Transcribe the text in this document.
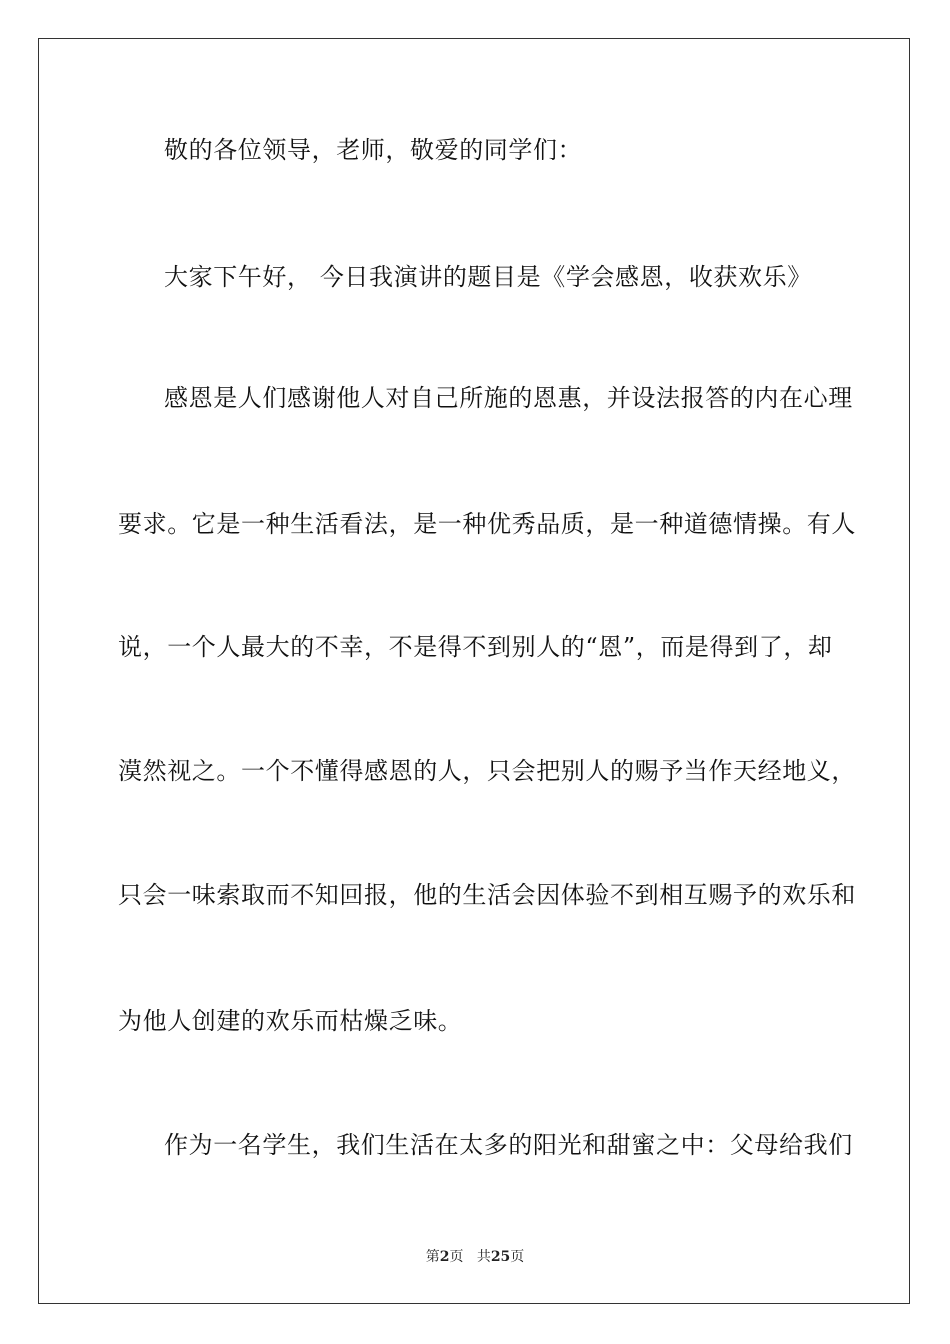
敬的各位领导，老师，敬爱的同学们：
大家下午好， 今日我演讲的题目是《学会感恩，收获欢乐》
感恩是人们感谢他人对自己所施的恩惠，并设法报答的内在心理
要求。它是一种生活看法，是一种优秀品质，是一种道德情操。有人
说，一个人最大的不幸，不是得不到别人的“恩”，而是得到了，却
漠然视之。一个不懂得感恩的人，只会把别人的赐予当作天经地义，
只会一味索取而不知回报，他的生活会因体验不到相互赐予的欢乐和
为他人创建的欢乐而枯燥乏味。
作为一名学生，我们生活在太多的阳光和甜蜜之中：父母给我们
第2页 共25页
